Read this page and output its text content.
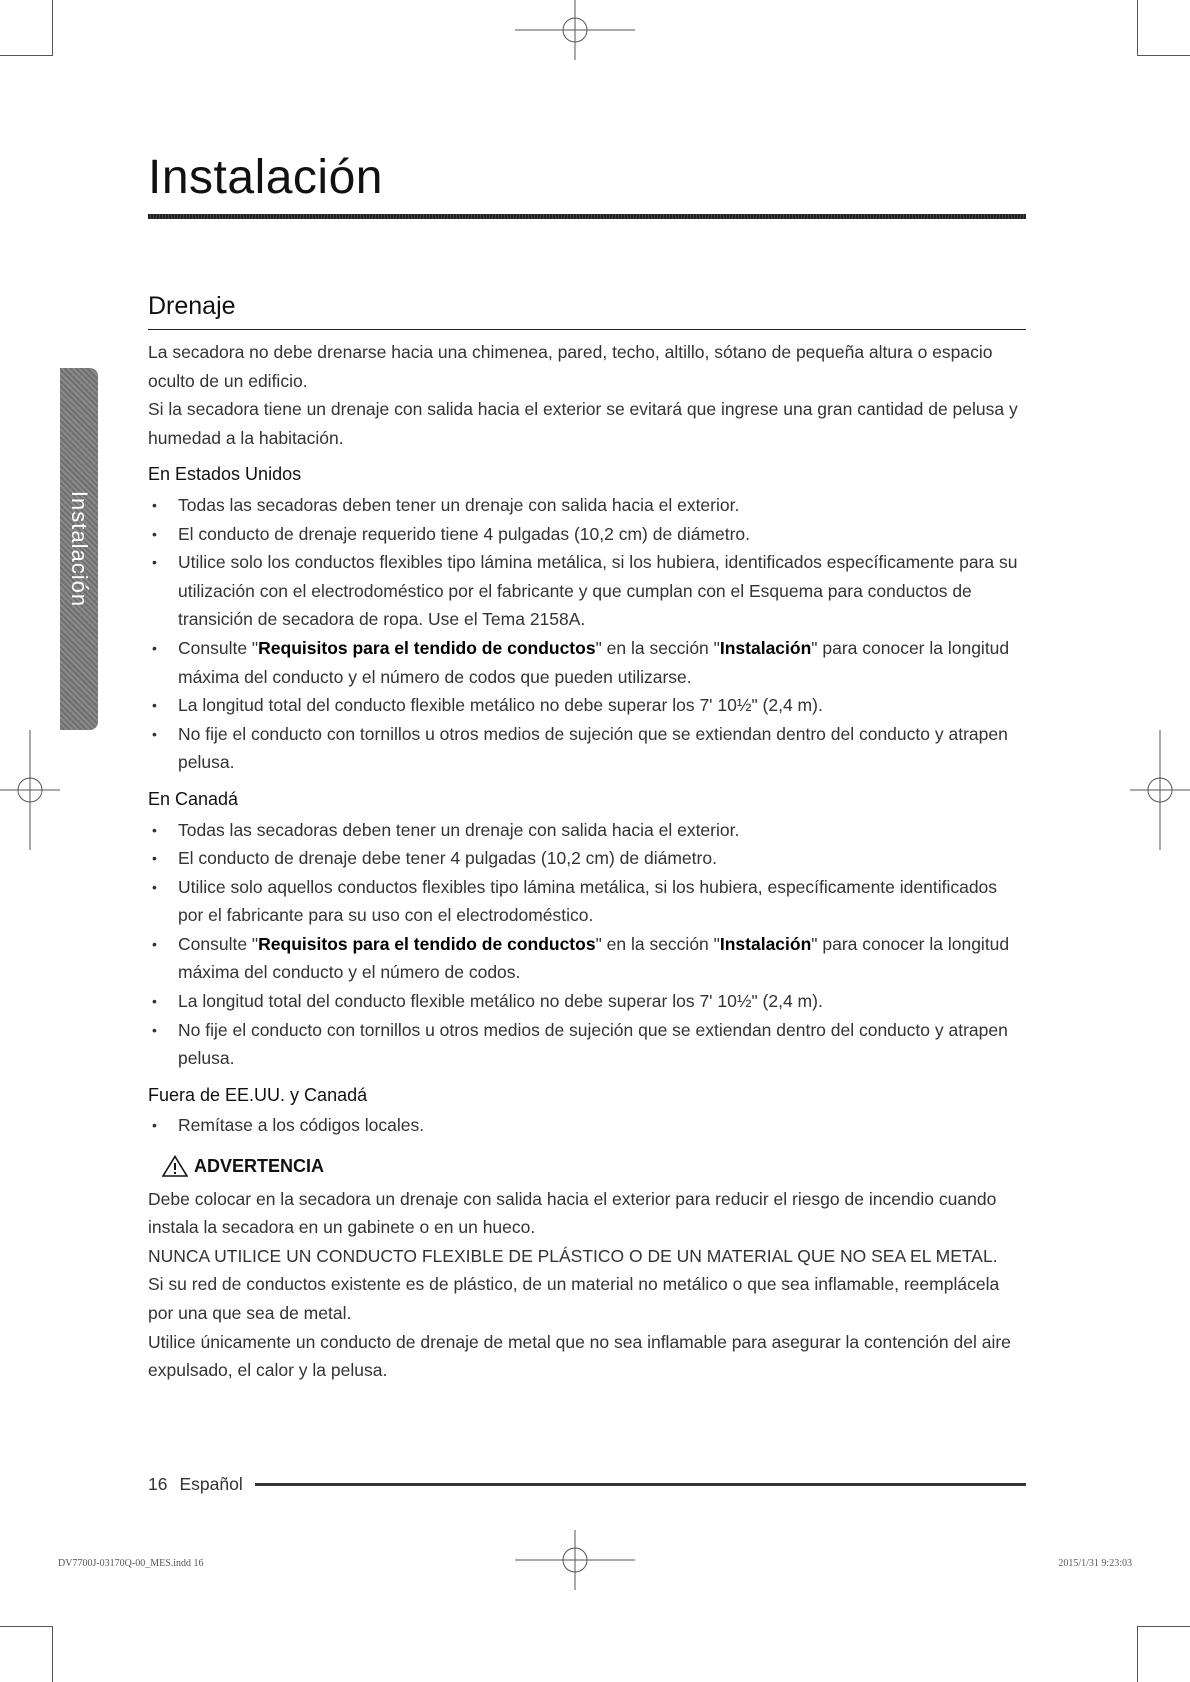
Instalación
Instalación
Drenaje

La secadora no debe drenarse hacia una chimenea, pared, techo, altillo, sótano de pequeña altura o espacio oculto de un edificio.

Si la secadora tiene un drenaje con salida hacia el exterior se evitará que ingrese una gran cantidad de pelusa y humedad a la habitación.

En Estados Unidos

• Todas las secadoras deben tener un drenaje con salida hacia el exterior.
• El conducto de drenaje requerido tiene 4 pulgadas (10,2 cm) de diámetro.
• Utilice solo los conductos flexibles tipo lámina metálica, si los hubiera, identificados específicamente para su utilización con el electrodoméstico por el fabricante y que cumplan con el Esquema para conductos de transición de secadora de ropa. Use el Tema 2158A.
• Consulte "Requisitos para el tendido de conductos" en la sección "Instalación" para conocer la longitud máxima del conducto y el número de codos que pueden utilizarse.
• La longitud total del conducto flexible metálico no debe superar los 7' 10½" (2,4 m).
• No fije el conducto con tornillos u otros medios de sujeción que se extiendan dentro del conducto y atrapen pelusa.

En Canadá

• Todas las secadoras deben tener un drenaje con salida hacia el exterior.
• El conducto de drenaje debe tener 4 pulgadas (10,2 cm) de diámetro.
• Utilice solo aquellos conductos flexibles tipo lámina metálica, si los hubiera, específicamente identificados por el fabricante para su uso con el electrodoméstico.
• Consulte "Requisitos para el tendido de conductos" en la sección "Instalación" para conocer la longitud máxima del conducto y el número de codos.
• La longitud total del conducto flexible metálico no debe superar los 7' 10½" (2,4 m).
• No fije el conducto con tornillos u otros medios de sujeción que se extiendan dentro del conducto y atrapen pelusa.

Fuera de EE.UU. y Canadá

• Remítase a los códigos locales.
ADVERTENCIA

Debe colocar en la secadora un drenaje con salida hacia el exterior para reducir el riesgo de incendio cuando instala la secadora en un gabinete o en un hueco.

NUNCA UTILICE UN CONDUCTO FLEXIBLE DE PLÁSTICO O DE UN MATERIAL QUE NO SEA EL METAL.

Si su red de conductos existente es de plástico, de un material no metálico o que sea inflamable, reemplácela por una que sea de metal.

Utilice únicamente un conducto de drenaje de metal que no sea inflamable para asegurar la contención del aire expulsado, el calor y la pelusa.

16 Español
DV7700J-03170Q-00_MES.indd 16	2015/1/31 9:23:03
